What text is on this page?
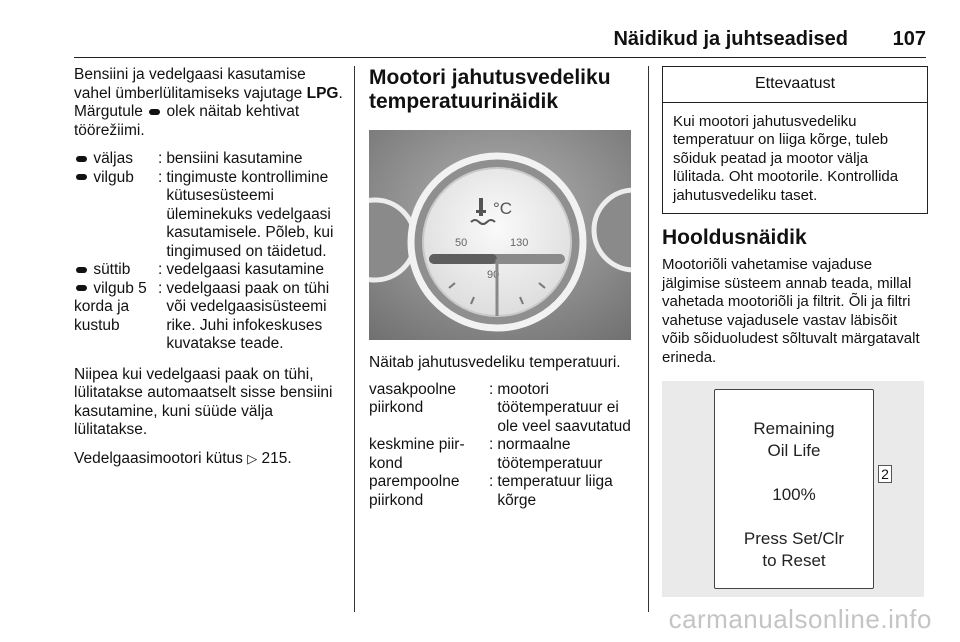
Näidikud ja juhtseadised 107

Bensiini ja vedelgaasi kasutamise vahel ümberlülitamiseks vajutage LPG. Märgutule  olek näitab kehtivat töörežiimi.

väljas	:	bensiini kasutamine
vilgub	:	tingimuste kontrollimine kütusesüsteemi üleminekuks vedelgaasi kasutamisele. Põleb, kui tingimused on täidetud.
süttib	:	vedelgaasi kasutamine
vilgub 5 korda ja kustub	:	vedelgaasi paak on tühi või vedelgaasisüsteemi rike. Juhi infokeskuses kuvatakse teade.

Niipea kui vedelgaasi paak on tühi, lülitatakse automaatselt sisse bensiini kasutamine, kuni süüde välja lülitatakse.

Vedelgaasimootori kütus ▷ 215.

Mootori jahutusvedeliku temperatuurinäidik
°C
50	130
90

Näitab jahutusvedeliku temperatuuri.

vasakpoolne piirkond	:	mootori töötemperatuur ei ole veel saavutatud
keskmine piirkond	:	normaalne töötemperatuur
parempoolne piirkond	:	temperatuur liiga kõrge
Ettevaatust
Kui mootori jahutusvedeliku temperatuur on liiga kõrge, tuleb sõiduk peatad ja mootor välja lülitada. Oht mootorile. Kontrollida jahutusvedeliku taset.
Hooldusnäidik

Mootoriõli vahetamise vajaduse jälgimise süsteem annab teada, millal vahetada mootoriõli ja filtrit. Õli ja filtri vahetuse vajadusele vastav läbisõit võib sõiduoludest sõltuvalt märgatavalt erineda.

Remaining
Oil Life
100%
Press Set/Clr
to Reset
2
carmanualsonline.info
